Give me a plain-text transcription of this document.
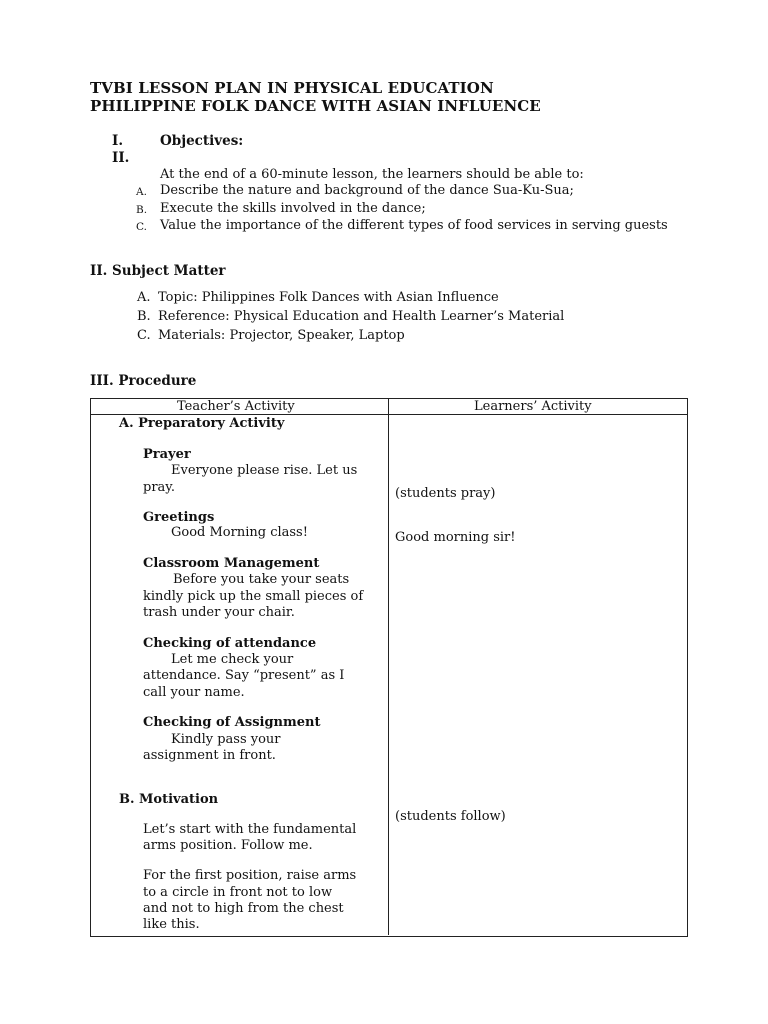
TVBI LESSON PLAN IN PHYSICAL EDUCATION
PHILIPPINE FOLK DANCE WITH ASIAN INFLUENCE
I.	Objectives:
II.
At the end of a 60-minute lesson, the learners should be able to:
A. Describe the nature and background of the dance Sua-Ku-Sua;
B. Execute the skills involved in the dance;
C. Value the importance of the different types of food services in serving guests
II. Subject Matter
A. Topic: Philippines Folk Dances with Asian Influence
B. Reference: Physical Education and Health Learner’s Material
C. Materials: Projector, Speaker, Laptop
III. Procedure
Teacher’s Activity	Learners’ Activity
A. Preparatory Activity
Prayer
Everyone please rise. Let us
pray.
Greetings
Good Morning class!
Classroom Management
Before you take your seats
kindly pick up the small pieces of
trash under your chair.
Checking of attendance
Let me check your
attendance. Say “present” as I
call your name.
Checking of Assignment
Kindly pass your
assignment in front.
B. Motivation
Let’s start with the fundamental
arms position. Follow me.
For the first position, raise arms
to a circle in front not to low
and not to high from the chest
like this.
(students pray)
Good morning sir!
(students follow)
